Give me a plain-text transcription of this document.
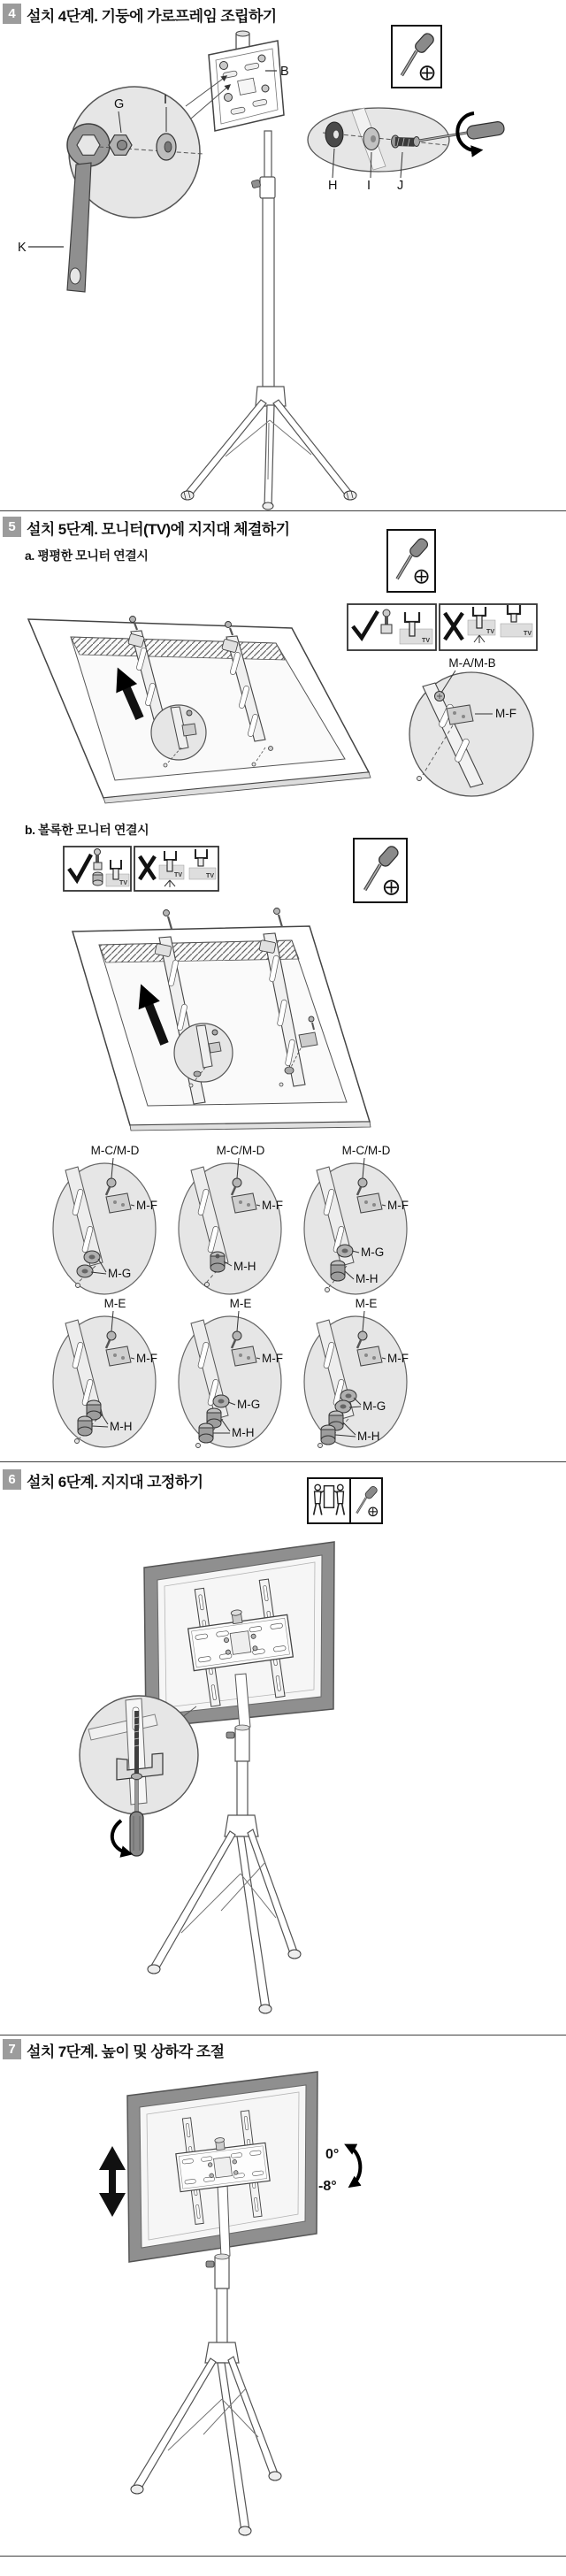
4 설치 4단계. 기둥에 가로프레임 조립하기
B
G	I
K
H I J
5 설치 5단계. 모니터(TV)에 지지대 체결하기
a. 평평한 모니터 연결시
b. 볼록한 모니터 연결시
TV
TV	TV
M-A/M-B
M-F
TV
TV	TV
M-C/M-D
M-F
M-G
M-C/M-D
M-F
M-H
M-C/M-D
M-F
M-G
M-H
M-E
M-F
M-H
M-E
M-F
M-G
M-H
M-E
M-F
M-G
M-H
6 설치 6단계. 지지대 고정하기
7 설치 7단계. 높이 및 상하각 조절
0°
-8°
